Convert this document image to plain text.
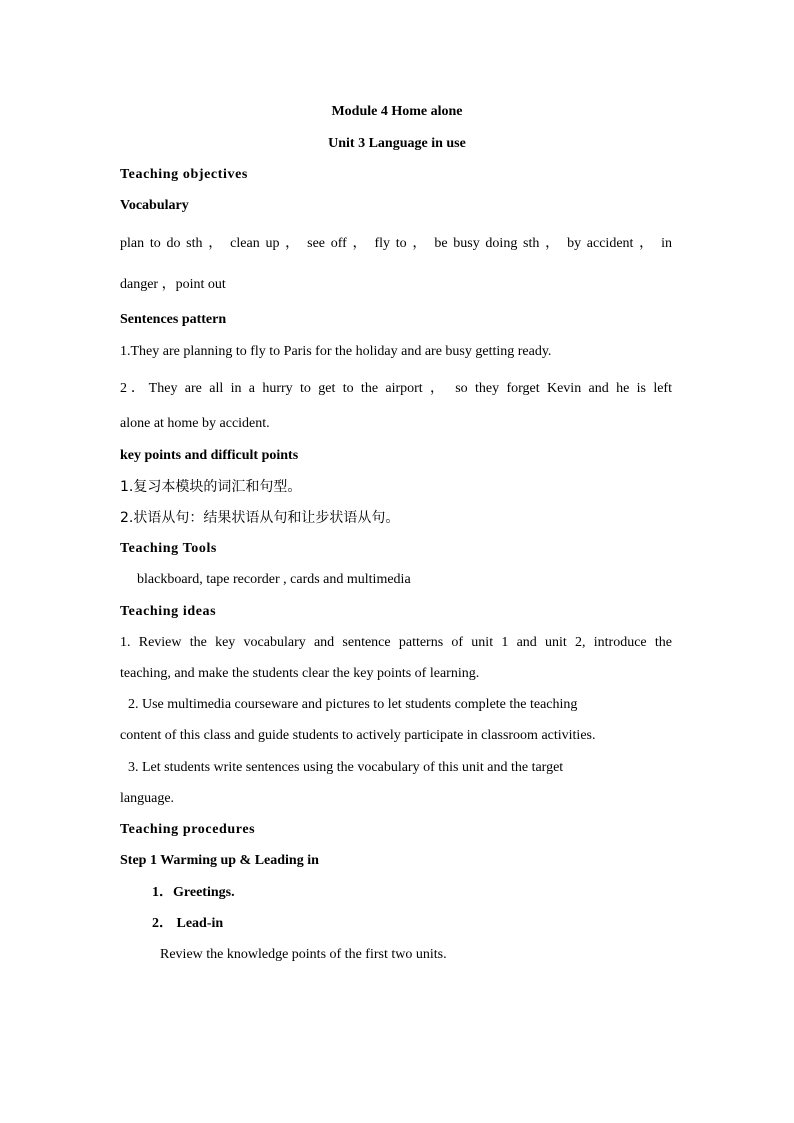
Module 4 Home alone
Unit 3 Language in use
Teaching objectives
Vocabulary
plan to do sth ， clean up ， see off ， fly to ， be busy doing sth ， by accident ， in
danger ，point out
Sentences pattern
1.They are planning to fly to Paris for the holiday and are busy getting ready.
2．They are all in a hurry to get to the airport ， so they forget Kevin and he is left
alone at home by accident.
key points and difficult points
1.复习本模块的词汇和句型。
2.状语从句：结果状语从句和让步状语从句。
Teaching Tools
blackboard, tape recorder , cards and multimedia
Teaching ideas
1. Review the key vocabulary and sentence patterns of unit 1 and unit 2, introduce the
teaching, and make the students clear the key points of learning.
2. Use multimedia courseware and pictures to let students complete the teaching
content of this class and guide students to actively participate in classroom activities.
3. Let students write sentences using the vocabulary of this unit and the target
language.
Teaching procedures
Step 1 Warming up & Leading in
1．Greetings.
2． Lead-in
Review the knowledge points of the first two units.
